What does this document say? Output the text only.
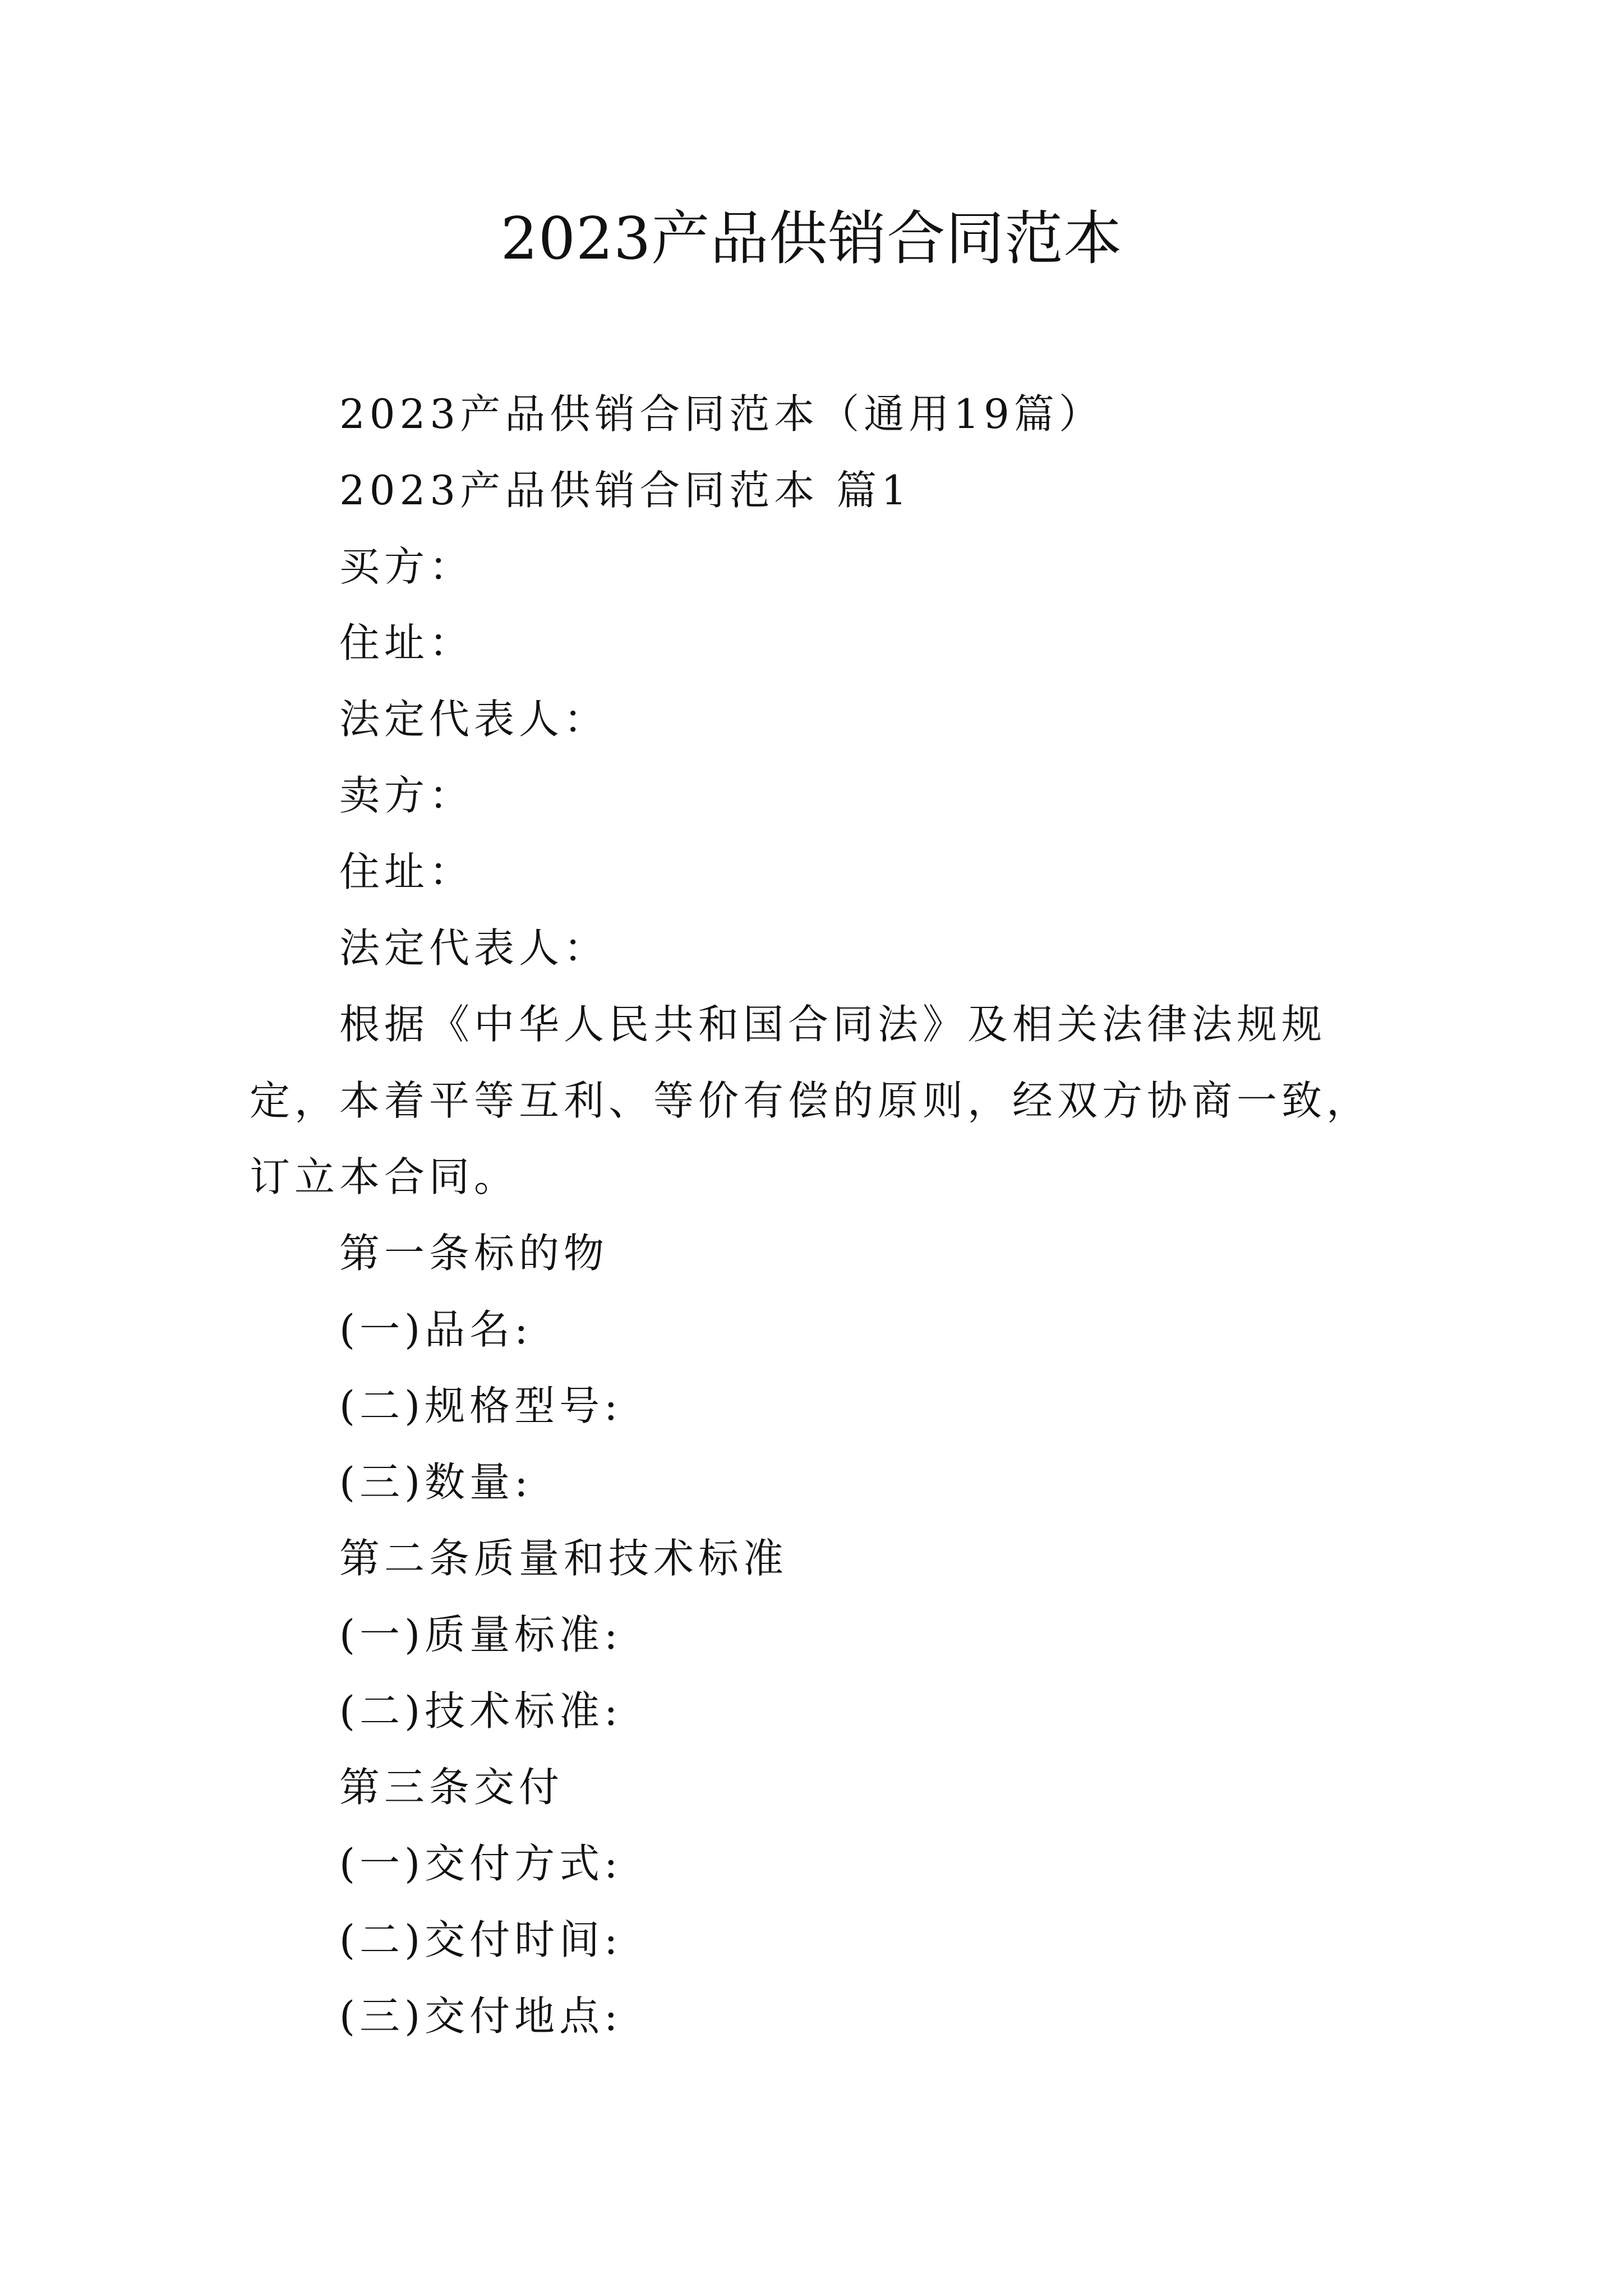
2023产品供销合同范本

2023产品供销合同范本（通用19篇）

2023产品供销合同范本 篇1

买方：

住址：

法定代表人：

卖方：

住址：

法定代表人：

根据《中华人民共和国合同法》及相关法律法规规定，本着平等互利、等价有偿的原则，经双方协商一致，订立本合同。

第一条标的物

(一)品名:

(二)规格型号:

(三)数量:

第二条质量和技术标准

(一)质量标准:

(二)技术标准:

第三条交付

(一)交付方式:

(二)交付时间:

(三)交付地点:
